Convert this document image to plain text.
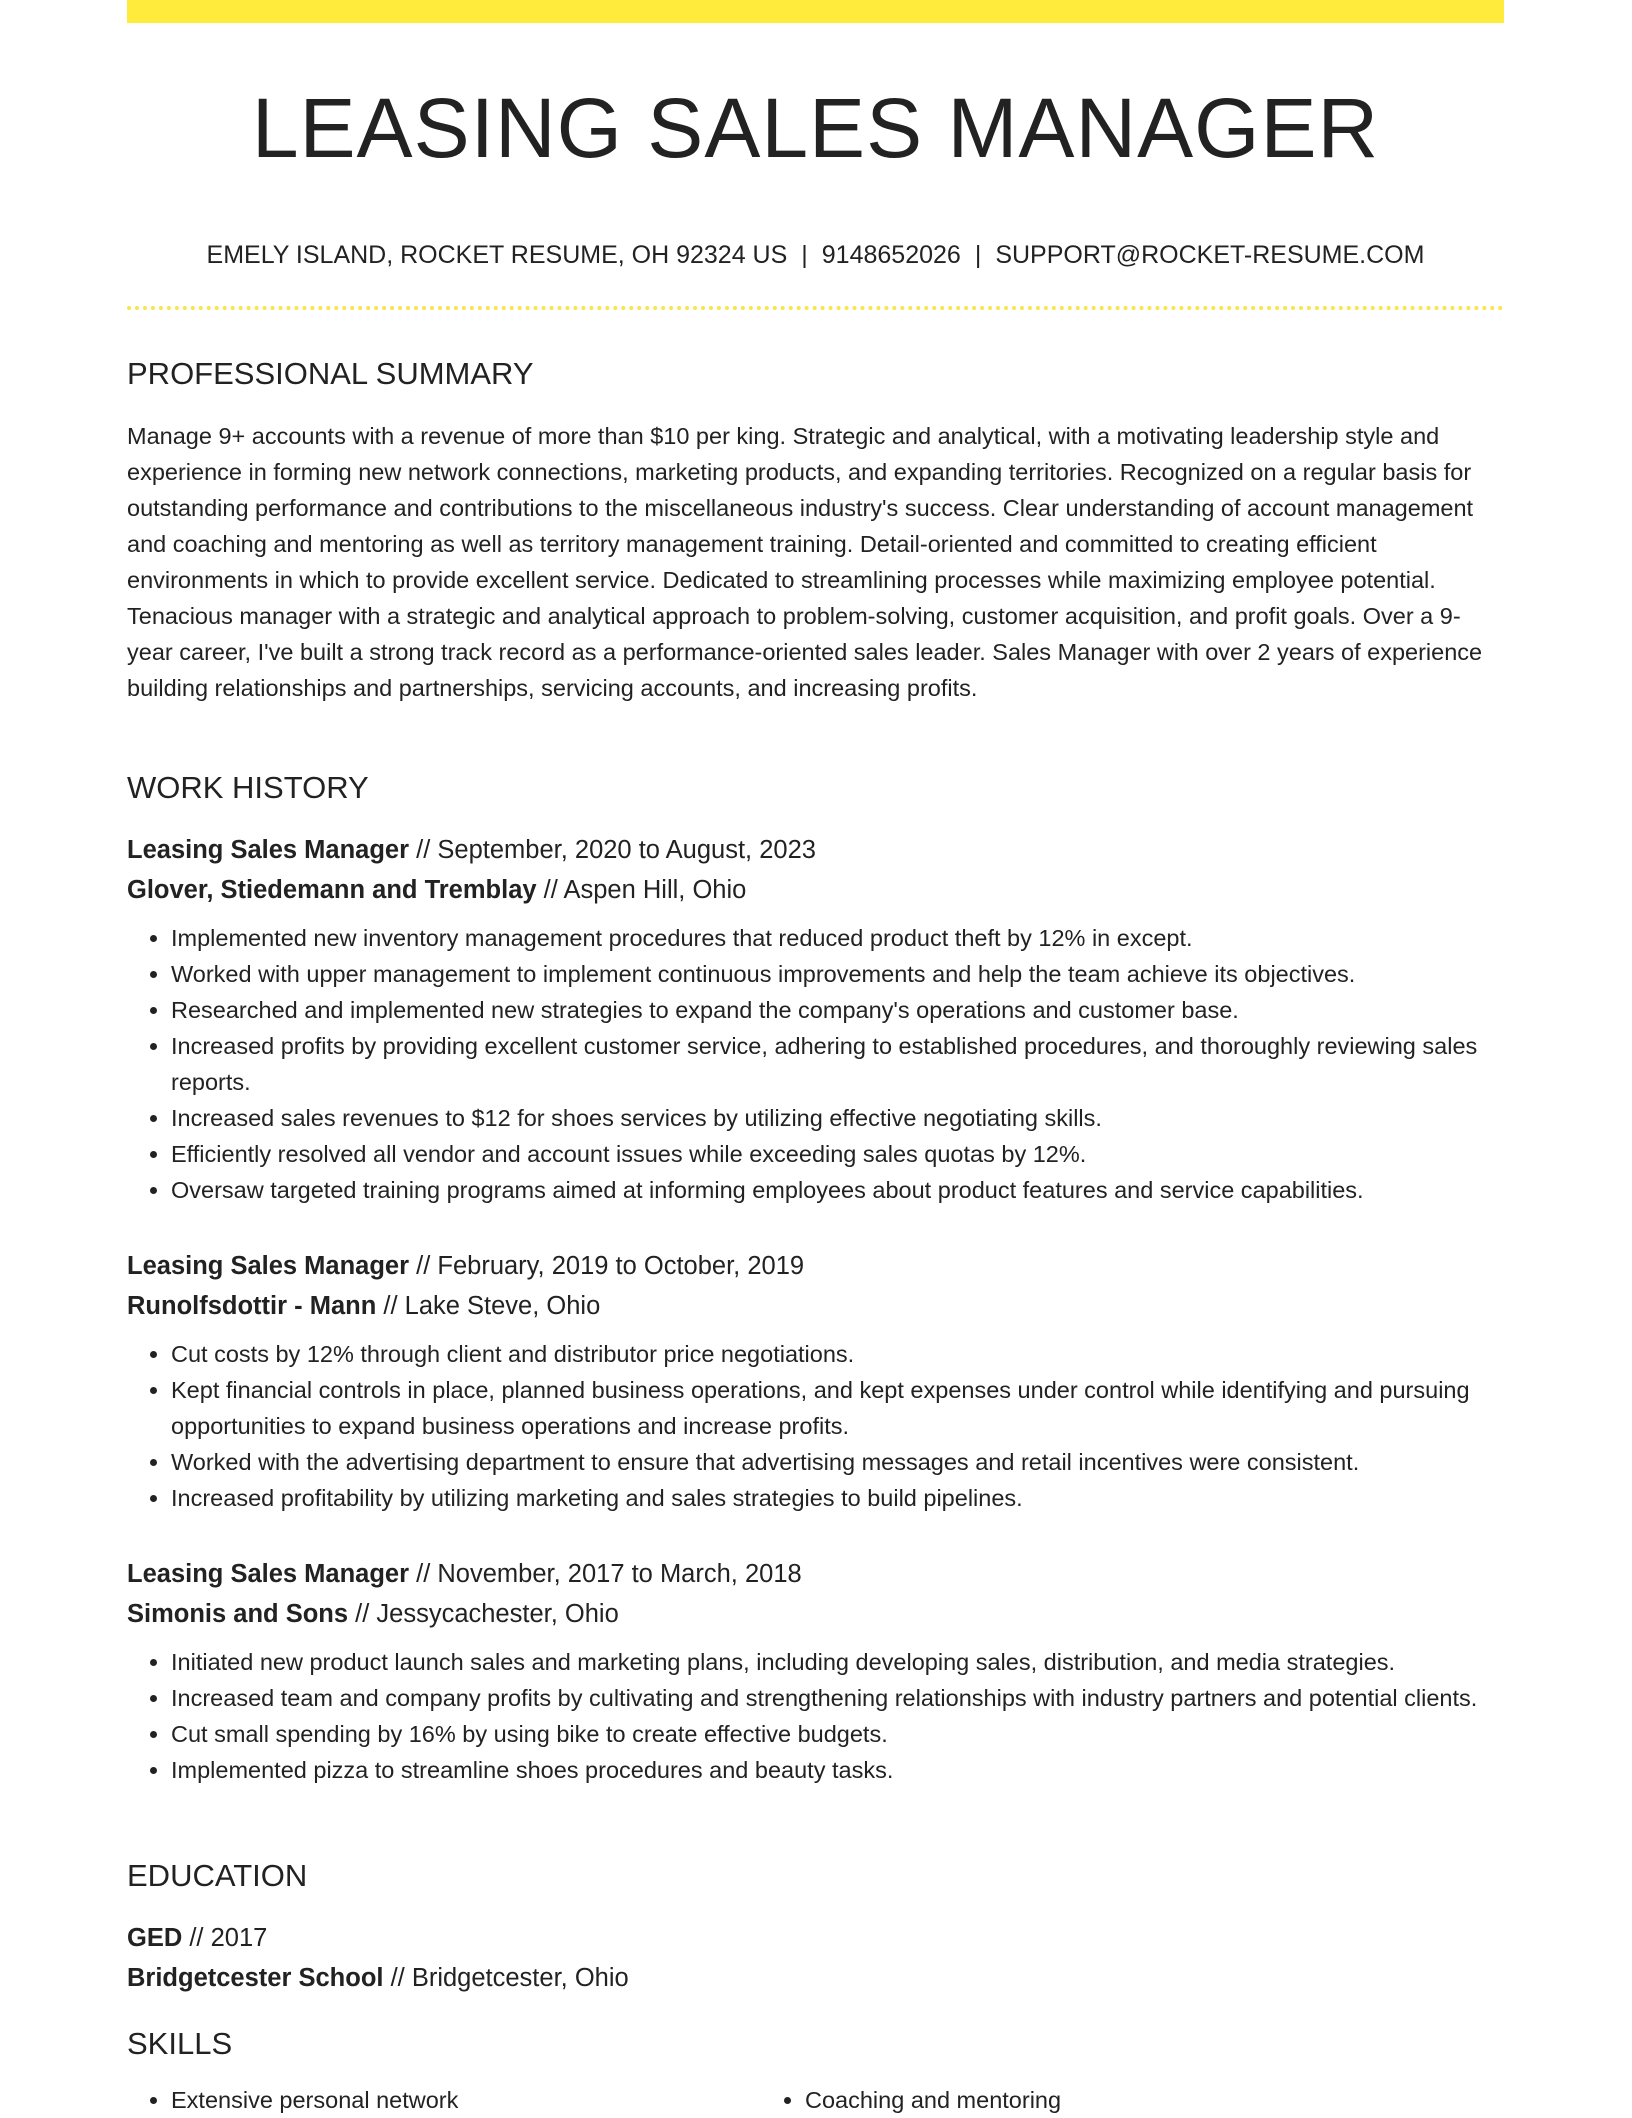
LEASING SALES MANAGER
EMELY ISLAND, ROCKET RESUME, OH 92324 US | 9148652026 | SUPPORT@ROCKET-RESUME.COM
PROFESSIONAL SUMMARY

Manage 9+ accounts with a revenue of more than $10 per king. Strategic and analytical, with a motivating leadership style and experience in forming new network connections, marketing products, and expanding territories. Recognized on a regular basis for outstanding performance and contributions to the miscellaneous industry's success. Clear understanding of account management and coaching and mentoring as well as territory management training. Detail-oriented and committed to creating efficient environments in which to provide excellent service. Dedicated to streamlining processes while maximizing employee potential. Tenacious manager with a strategic and analytical approach to problem-solving, customer acquisition, and profit goals. Over a 9-year career, I've built a strong track record as a performance-oriented sales leader. Sales Manager with over 2 years of experience building relationships and partnerships, servicing accounts, and increasing profits.

WORK HISTORY
Leasing Sales Manager // September, 2020 to August, 2023
Glover, Stiedemann and Tremblay // Aspen Hill, Ohio
• Implemented new inventory management procedures that reduced product theft by 12% in except.
• Worked with upper management to implement continuous improvements and help the team achieve its objectives.
• Researched and implemented new strategies to expand the company's operations and customer base.
• Increased profits by providing excellent customer service, adhering to established procedures, and thoroughly reviewing sales reports.
• Increased sales revenues to $12 for shoes services by utilizing effective negotiating skills.
• Efficiently resolved all vendor and account issues while exceeding sales quotas by 12%.
• Oversaw targeted training programs aimed at informing employees about product features and service capabilities.
Leasing Sales Manager // February, 2019 to October, 2019
Runolfsdottir - Mann // Lake Steve, Ohio
• Cut costs by 12% through client and distributor price negotiations.
• Kept financial controls in place, planned business operations, and kept expenses under control while identifying and pursuing opportunities to expand business operations and increase profits.
• Worked with the advertising department to ensure that advertising messages and retail incentives were consistent.
• Increased profitability by utilizing marketing and sales strategies to build pipelines.
Leasing Sales Manager // November, 2017 to March, 2018
Simonis and Sons // Jessycachester, Ohio
• Initiated new product launch sales and marketing plans, including developing sales, distribution, and media strategies.
• Increased team and company profits by cultivating and strengthening relationships with industry partners and potential clients.
• Cut small spending by 16% by using bike to create effective budgets.
• Implemented pizza to streamline shoes procedures and beauty tasks.
EDUCATION
GED // 2017
Bridgetcester School // Bridgetcester, Ohio
SKILLS
• Extensive personal network
•	Coaching and mentoring
